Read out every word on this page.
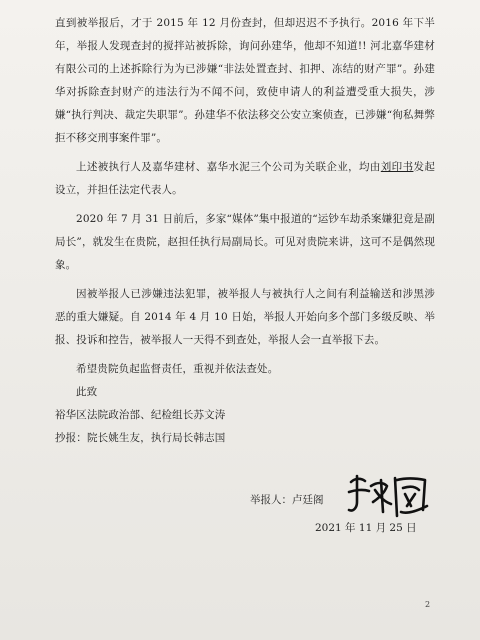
直到被举报后，才于 2015 年 12 月份查封，但却迟迟不予执行。2016 年下半年，举报人发现查封的搅拌站被拆除，询问孙建华，他却不知道!! 河北嘉华建材有限公司的上述拆除行为为已涉嫌“非法处置查封、扣押、冻结的财产罪”。孙建华对拆除查封财产的违法行为不闻不问，致使申请人的利益遭受重大损失，涉嫌“执行判决、裁定失职罪”。孙建华不依法移交公安立案侦查，已涉嫌“徇私舞弊拒不移交刑事案件罪”。

上述被执行人及嘉华建材、嘉华水泥三个公司为关联企业，均由刘印书发起设立，并担任法定代表人。

2020 年 7 月 31 日前后，多家“媒体”集中报道的“运钞车劫杀案嫌犯竟是副局长”，就发生在贵院，赵担任执行局副局长。可见对贵院来讲，这可不是偶然现象。

因被举报人已涉嫌违法犯罪，被举报人与被执行人之间有利益输送和涉黑涉恶的重大嫌疑。自 2014 年 4 月 10 日始，举报人开始向多个部门多级反映、举报、投诉和控告，被举报人一天得不到查处，举报人会一直举报下去。

希望贵院负起监督责任，重视并依法查处。

此致

裕华区法院政治部、纪检组长苏文涛

抄报：院长姚生友，执行局长韩志国

举报人：卢廷阁
2021 年 11 月 25 日
2
